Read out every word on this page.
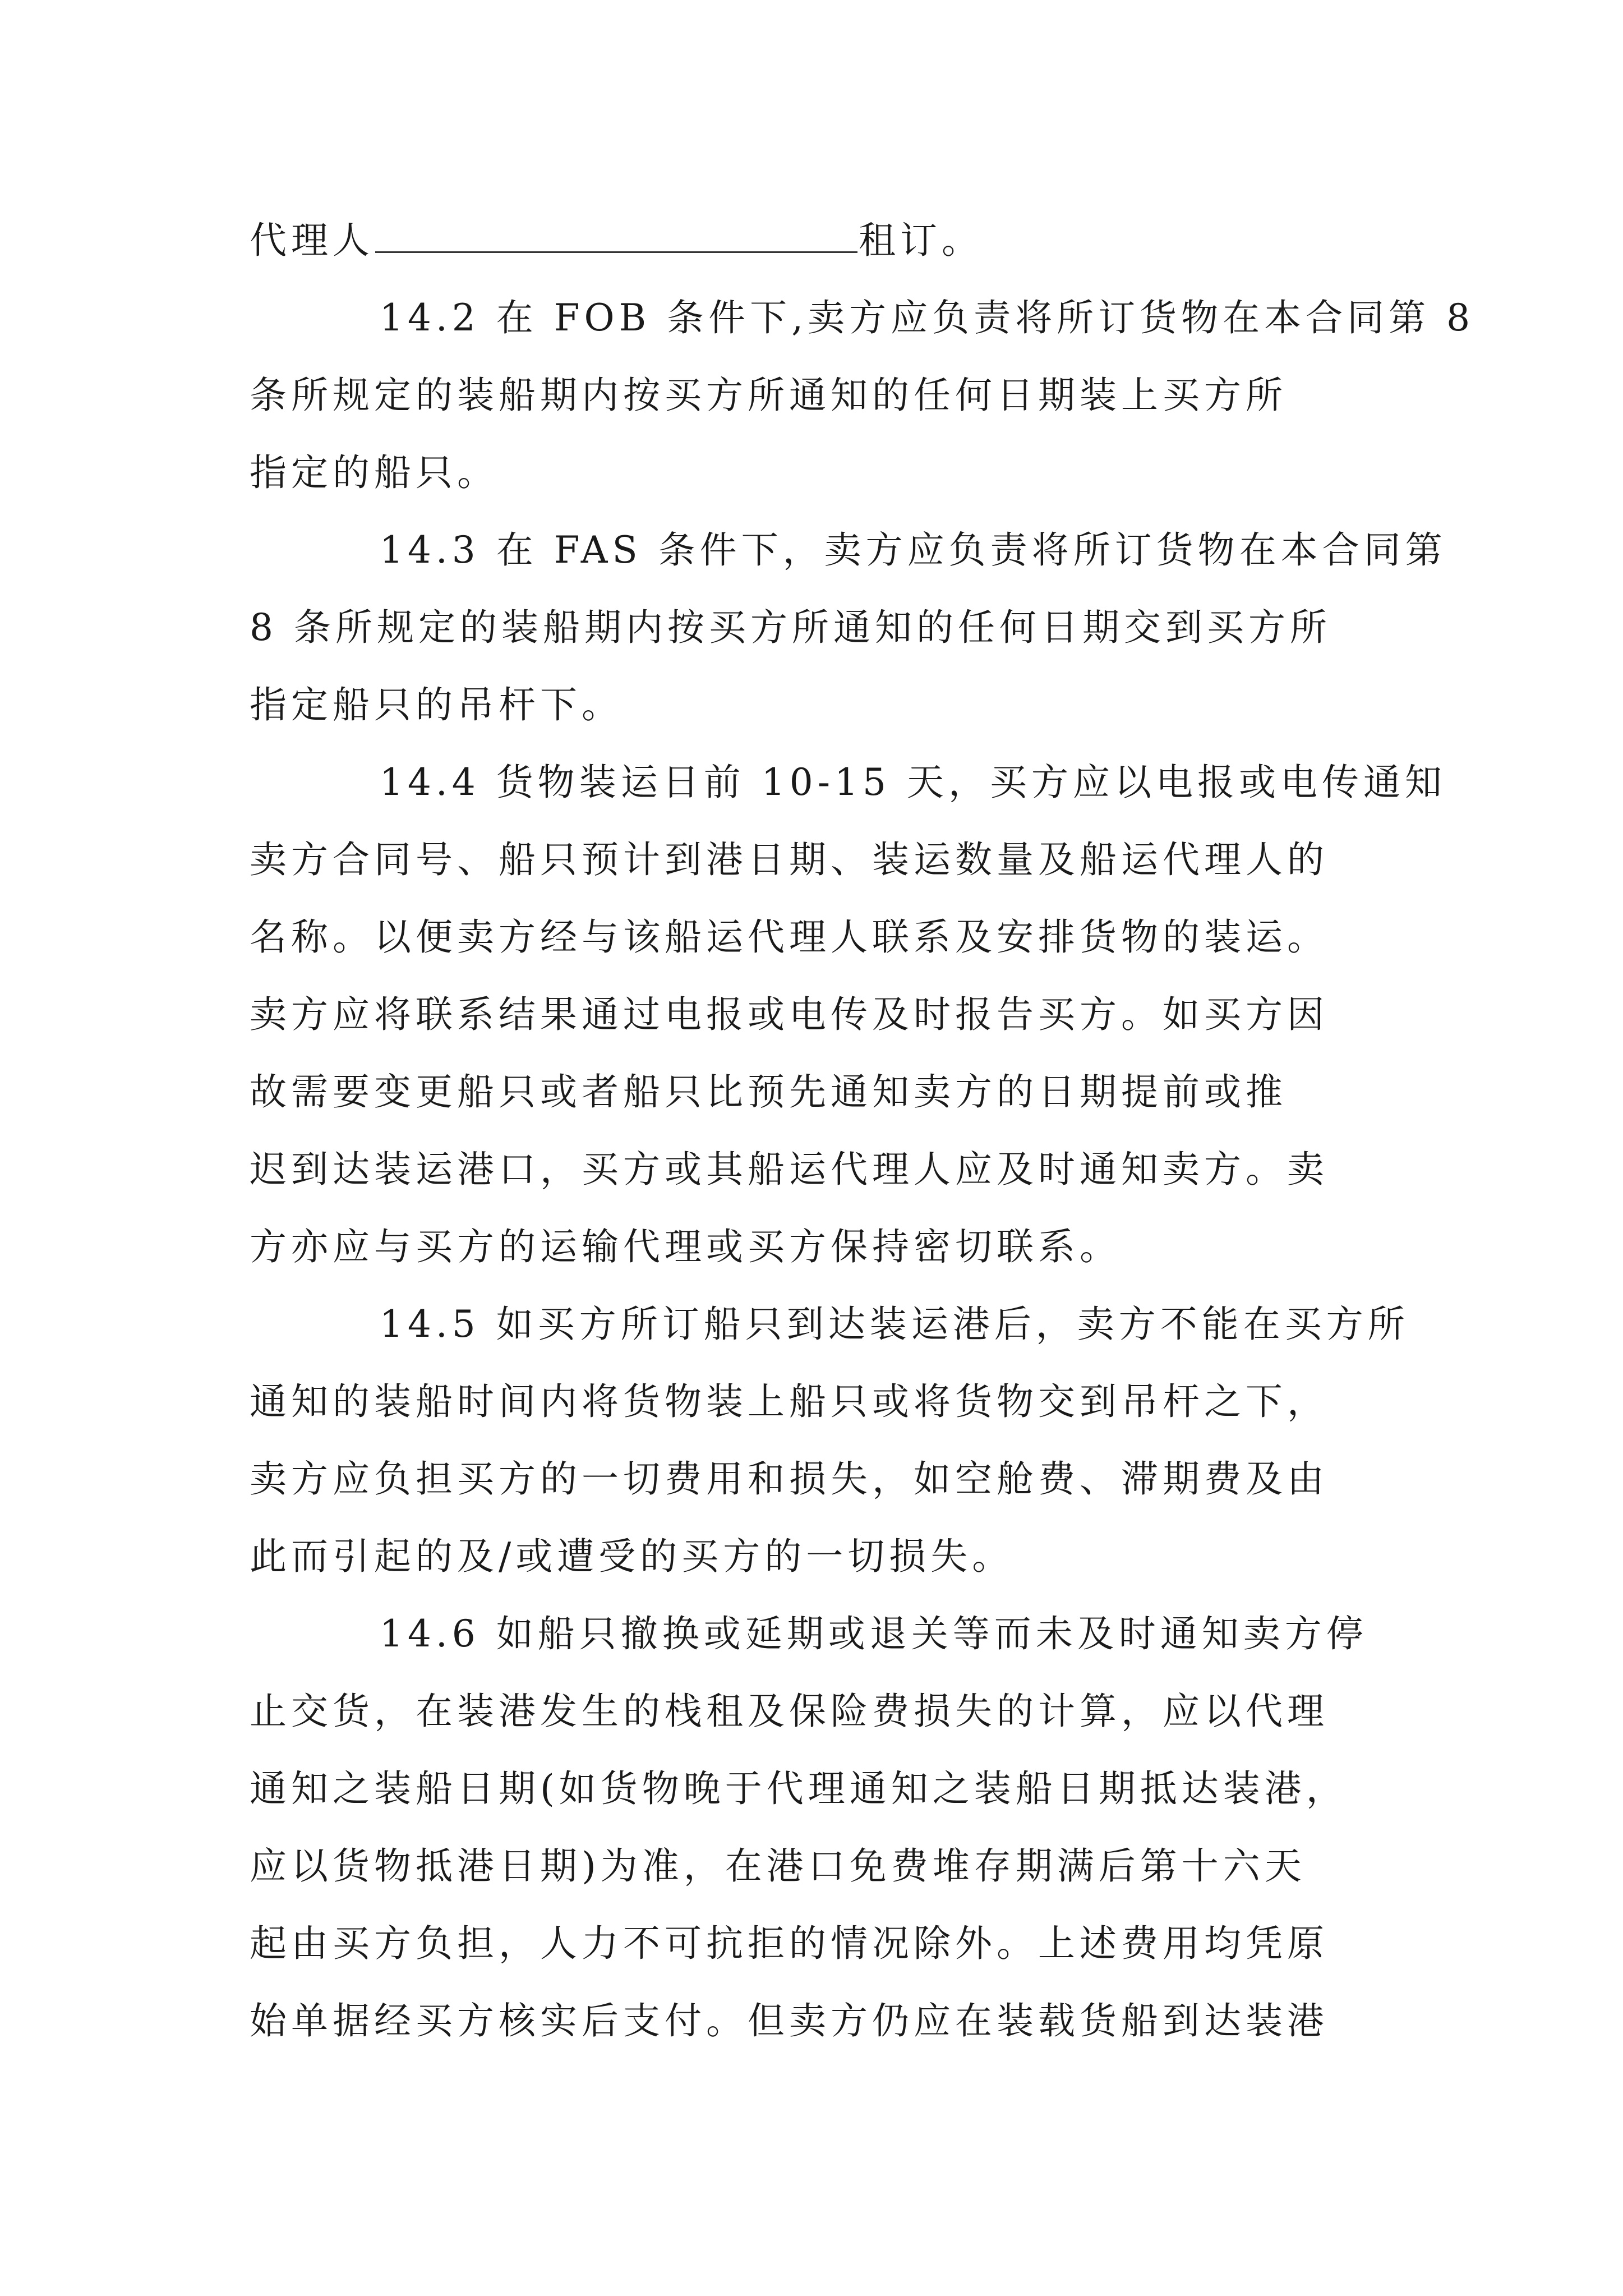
代理人	租订。
14.2 在 FOB 条件下,卖方应负责将所订货物在本合同第 8
条所规定的装船期内按买方所通知的任何日期装上买方所
指定的船只。
14.3 在 FAS 条件下，卖方应负责将所订货物在本合同第
8 条所规定的装船期内按买方所通知的任何日期交到买方所
指定船只的吊杆下。
14.4 货物装运日前 10-15 天，买方应以电报或电传通知
卖方合同号、船只预计到港日期、装运数量及船运代理人的
名称。以便卖方经与该船运代理人联系及安排货物的装运。
卖方应将联系结果通过电报或电传及时报告买方。如买方因
故需要变更船只或者船只比预先通知卖方的日期提前或推
迟到达装运港口，买方或其船运代理人应及时通知卖方。卖
方亦应与买方的运输代理或买方保持密切联系。
14.5 如买方所订船只到达装运港后，卖方不能在买方所
通知的装船时间内将货物装上船只或将货物交到吊杆之下，
卖方应负担买方的一切费用和损失，如空舱费、滞期费及由
此而引起的及/或遭受的买方的一切损失。
14.6 如船只撤换或延期或退关等而未及时通知卖方停
止交货，在装港发生的栈租及保险费损失的计算，应以代理
通知之装船日期(如货物晚于代理通知之装船日期抵达装港，
应以货物抵港日期)为准，在港口免费堆存期满后第十六天
起由买方负担，人力不可抗拒的情况除外。上述费用均凭原
始单据经买方核实后支付。但卖方仍应在装载货船到达装港
